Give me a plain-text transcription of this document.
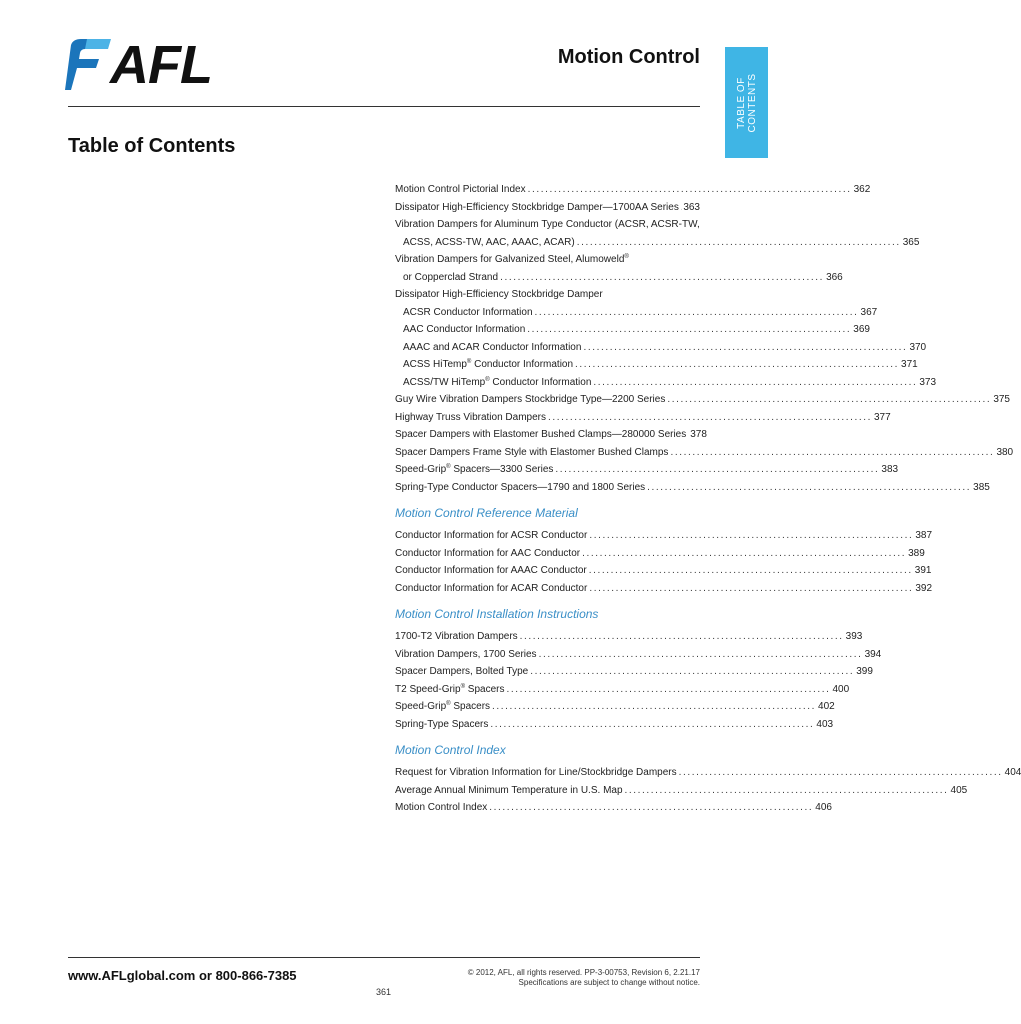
AFL	Motion Control
TABLE OF CONTENTS
Table of Contents
Motion Control Pictorial Index .......................................................................... 362
Dissipator High-Efficiency Stockbridge Damper—1700AA Series 363
Vibration Dampers for Aluminum Type Conductor (ACSR, ACSR-TW,
ACSS, ACSS-TW, AAC, AAAC, ACAR) .......................................................................... 365
Vibration Dampers for Galvanized Steel, Alumoweld®
or Copperclad Strand .......................................................................... 366
Dissipator High-Efficiency Stockbridge Damper
ACSR Conductor Information .......................................................................... 367
AAC Conductor Information .......................................................................... 369
AAAC and ACAR Conductor Information .......................................................................... 370
ACSS HiTemp® Conductor Information .......................................................................... 371
ACSS/TW HiTemp® Conductor Information .......................................................................... 373
Guy Wire Vibration Dampers Stockbridge Type—2200 Series .......................................................................... 375
Highway Truss Vibration Dampers .......................................................................... 377
Spacer Dampers with Elastomer Bushed Clamps—280000 Series 378
Spacer Dampers Frame Style with Elastomer Bushed Clamps .......................................................................... 380
Speed-Grip® Spacers—3300 Series .......................................................................... 383
Spring-Type Conductor Spacers—1790 and 1800 Series .......................................................................... 385
Motion Control Reference Material
Conductor Information for ACSR Conductor .......................................................................... 387
Conductor Information for AAC Conductor .......................................................................... 389
Conductor Information for AAAC Conductor .......................................................................... 391
Conductor Information for ACAR Conductor .......................................................................... 392
Motion Control Installation Instructions
1700-T2 Vibration Dampers .......................................................................... 393
Vibration Dampers, 1700 Series .......................................................................... 394
Spacer Dampers, Bolted Type .......................................................................... 399
T2 Speed-Grip® Spacers .......................................................................... 400
Speed-Grip® Spacers .......................................................................... 402
Spring-Type Spacers .......................................................................... 403
Motion Control Index
Request for Vibration Information for Line/Stockbridge Dampers .......................................................................... 404
Average Annual Minimum Temperature in U.S. Map .......................................................................... 405
Motion Control Index .......................................................................... 406
www.AFLglobal.com or 800-866-7385	© 2012, AFL, all rights reserved. PP-3-00753, Revision 6, 2.21.17
Specifications are subject to change without notice.
361
